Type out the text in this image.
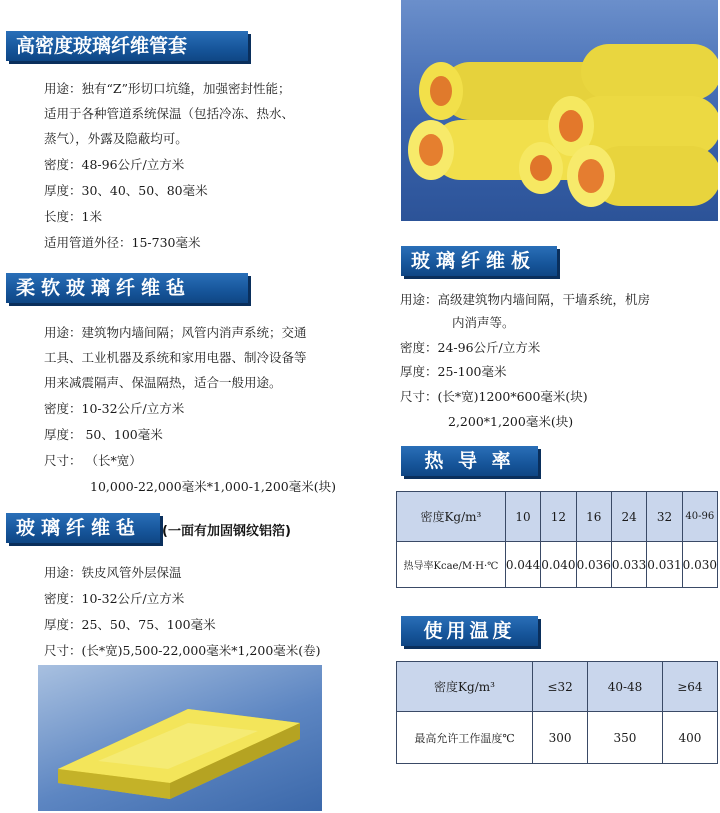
高密度玻璃纤维管套
用途：独有“Z”形切口坑缝，加强密封性能；
适用于各种管道系统保温（包括冷冻、热水、
蒸气），外露及隐蔽均可。
密度：48-96公斤/立方米
厚度：30、40、50、80毫米
长度：1米
适用管道外径：15-730毫米
柔软玻璃纤维毡
用途：建筑物内墙间隔；风管内消声系统；交通
工具、工业机器及系统和家用电器、制冷设备等
用来减震隔声、保温隔热，适合一般用途。
密度：10-32公斤/立方米
厚度： 50、100毫米
尺寸： （长*宽）
10,000-22,000毫米*1,000-1,200毫米(块)
玻璃纤维毡	(一面有加固钢纹铝箔)
用途：铁皮风管外层保温
密度：10-32公斤/立方米
厚度：25、50、75、100毫米
尺寸：(长*宽)5,500-22,000毫米*1,200毫米(卷)
玻璃纤维板
用途：高级建筑物内墙间隔，干墙系统，机房
内消声等。
密度：24-96公斤/立方米
厚度：25-100毫米
尺寸：(长*宽)1200*600毫米(块)
2,200*1,200毫米(块)
热 导 率
密度Kg/m³	10	12	16	24	32	40-96
热导率Kcae/M·H·℃	0.044	0.040	0.036	0.033	0.031	0.030
使用温度
密度Kg/m³	≤32	40-48	≥64
最高允许工作温度℃	300	350	400
